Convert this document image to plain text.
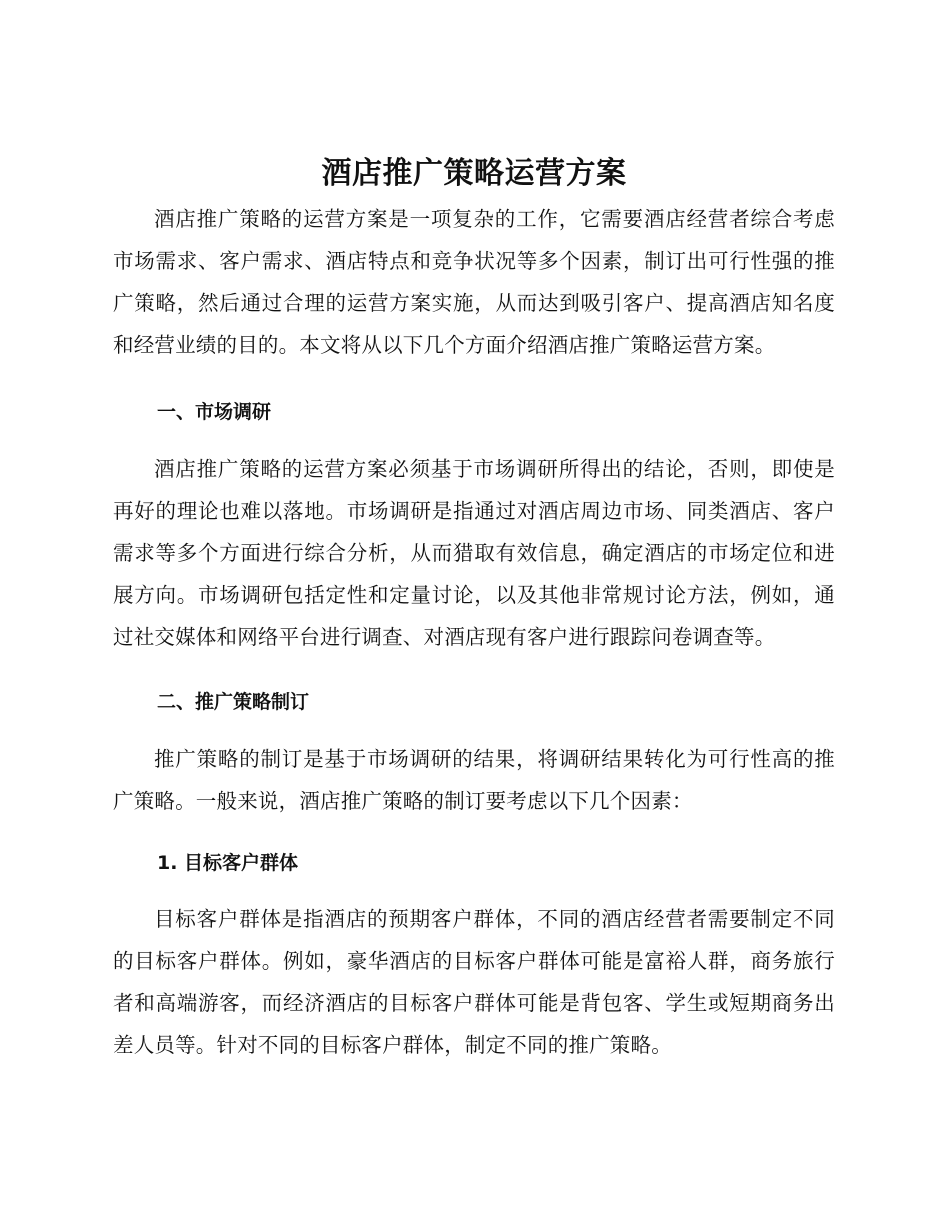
酒店推广策略运营方案

酒店推广策略的运营方案是一项复杂的工作，它需要酒店经营者综合考虑市场需求、客户需求、酒店特点和竞争状况等多个因素，制订出可行性强的推广策略，然后通过合理的运营方案实施，从而达到吸引客户、提高酒店知名度和经营业绩的目的。本文将从以下几个方面介绍酒店推广策略运营方案。

一、市场调研

酒店推广策略的运营方案必须基于市场调研所得出的结论，否则，即使是再好的理论也难以落地。市场调研是指通过对酒店周边市场、同类酒店、客户需求等多个方面进行综合分析，从而猎取有效信息，确定酒店的市场定位和进展方向。市场调研包括定性和定量讨论，以及其他非常规讨论方法，例如，通过社交媒体和网络平台进行调查、对酒店现有客户进行跟踪问卷调查等。

二、推广策略制订

推广策略的制订是基于市场调研的结果，将调研结果转化为可行性高的推广策略。一般来说，酒店推广策略的制订要考虑以下几个因素：

1. 目标客户群体

目标客户群体是指酒店的预期客户群体，不同的酒店经营者需要制定不同的目标客户群体。例如，豪华酒店的目标客户群体可能是富裕人群，商务旅行者和高端游客，而经济酒店的目标客户群体可能是背包客、学生或短期商务出差人员等。针对不同的目标客户群体，制定不同的推广策略。
